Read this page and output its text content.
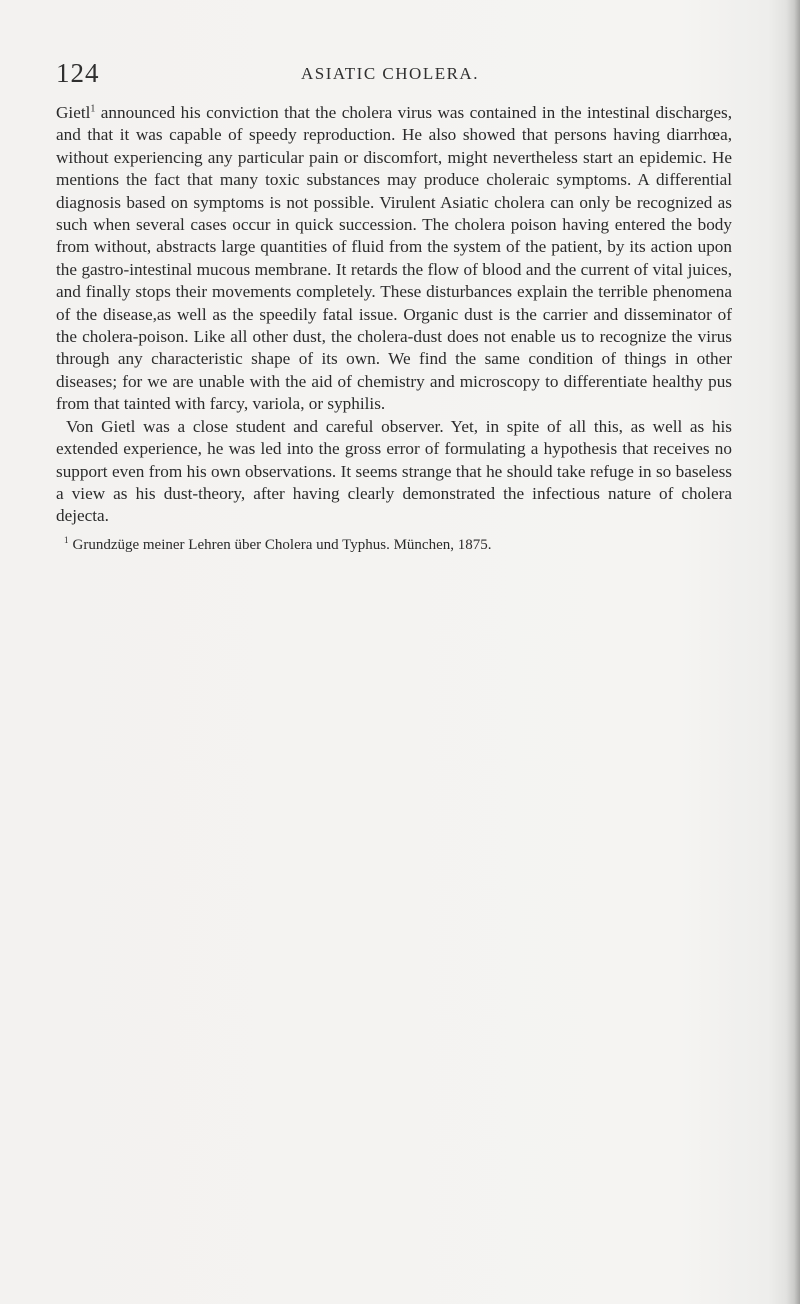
124	ASIATIC CHOLERA.

Gietl$^1$ announced his conviction that the cholera virus was contained in the intestinal discharges, and that it was capable of speedy reproduction. He also showed that persons having diarrhœa, without experiencing any particular pain or discomfort, might nevertheless start an epidemic. He mentions the fact that many toxic substances may produce choleraic symptoms. A differential diagnosis based on symptoms is not possible. Virulent Asiatic cholera can only be recognized as such when several cases occur in quick succession. The cholera poison having entered the body from without, abstracts large quantities of fluid from the system of the patient, by its action upon the gastro-intestinal mucous membrane. It retards the flow of blood and the current of vital juices, and finally stops their movements completely. These disturbances explain the terrible phenomena of the disease,as well as the speedily fatal issue. Organic dust is the carrier and disseminator of the cholera-poison. Like all other dust, the cholera-dust does not enable us to recognize the virus through any characteristic shape of its own. We find the same condition of things in other diseases; for we are unable with the aid of chemistry and microscopy to differentiate healthy pus from that tainted with farcy, variola, or syphilis.

Von Gietl was a close student and careful observer. Yet, in spite of all this, as well as his extended experience, he was led into the gross error of formulating a hypothesis that receives no support even from his own observations. It seems strange that he should take refuge in so baseless a view as his dust-theory, after having clearly demonstrated the infectious nature of cholera dejecta.

$^1$ Grundzüge meiner Lehren über Cholera und Typhus. München, 1875.
